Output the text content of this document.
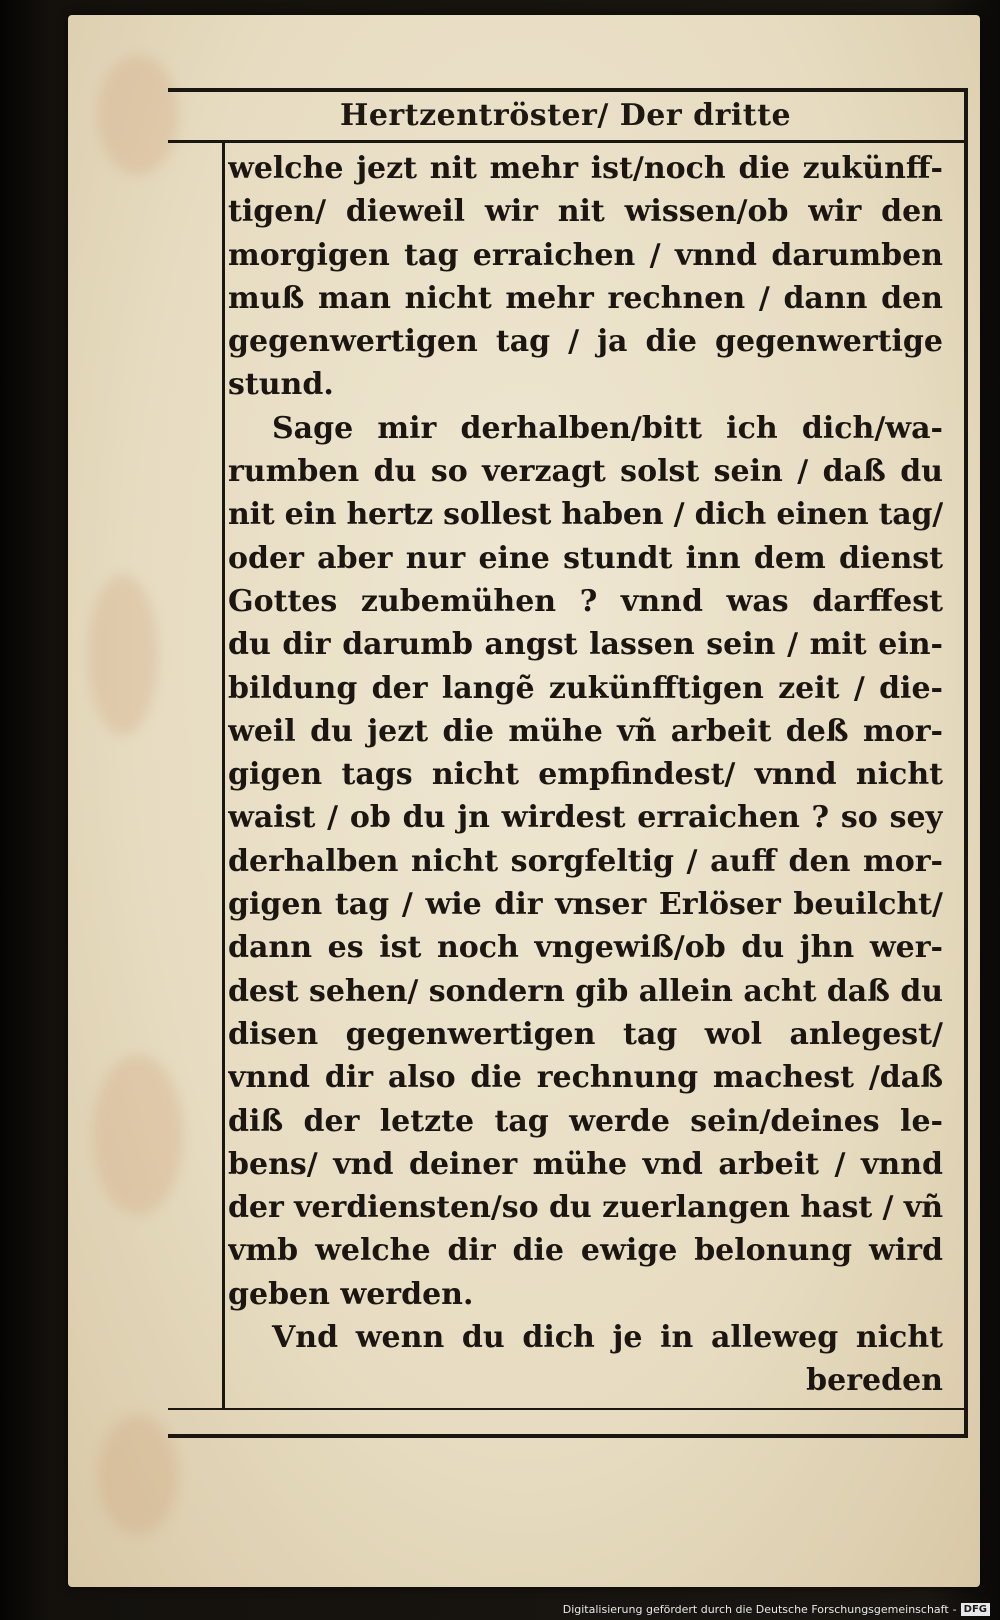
Hertzentröster/ Der dritte
welche jezt nit mehr ist/noch die zukünff-
tigen/ dieweil wir nit wissen/ob wir den
morgigen tag erraichen / vnnd darumben
muß man nicht mehr rechnen / dann den
gegenwertigen tag / ja die gegenwertige
stund.
Sage mir derhalben/bitt ich dich/wa-
rumben du so verzagt solst sein / daß du
nit ein hertz sollest haben / dich einen tag/
oder aber nur eine stundt inn dem dienst
Gottes zubemühen ? vnnd was darffest
du dir darumb angst lassen sein / mit ein-
bildung der langẽ zukünfftigen zeit / die-
weil du jezt die mühe vñ arbeit deß mor-
gigen tags nicht empfindest/ vnnd nicht
waist / ob du jn wirdest erraichen ? so sey
derhalben nicht sorgfeltig / auff den mor-
gigen tag / wie dir vnser Erlöser beuilcht/
dann es ist noch vngewiß/ob du jhn wer-
dest sehen/ sondern gib allein acht daß du
disen gegenwertigen tag wol anlegest/
vnnd dir also die rechnung machest /daß
diß der letzte tag werde sein/deines le-
bens/ vnd deiner mühe vnd arbeit / vnnd
der verdiensten/so du zuerlangen hast / vñ
vmb welche dir die ewige belonung wird
geben werden.
Vnd wenn du dich je in alleweg nicht
bereden
Digitalisierung gefördert durch die Deutsche Forschungsgemeinschaft - DFG
